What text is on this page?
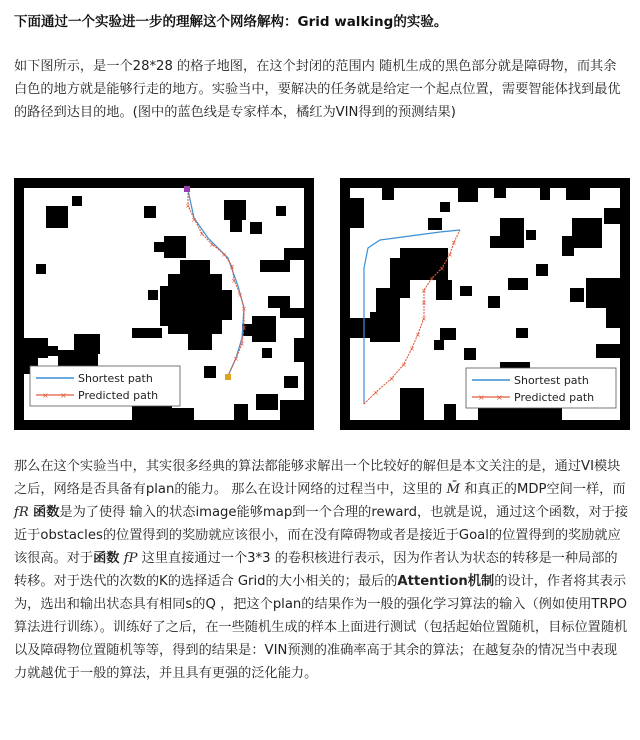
下面通过一个实验进一步的理解这个网络解构：Grid walking的实验。

如下图所示，是一个28*28 的格子地图，在这个封闭的范围内 随机生成的黑色部分就是障碍物，而其余白色的地方就是能够行走的地方。实验当中，要解决的任务就是给定一个起点位置，需要智能体找到最优的路径到达目的地。(图中的蓝色线是专家样本，橘红为VIN得到的预测结果)

×
×
×
×
×
×
×
×
×
×
×
×
× ×
Shortest path
Predicted path	×
×
×
×
×
×
×
×
×
×
×
×
× ×
Shortest path
Predicted path

那么在这个实验当中，其实很多经典的算法都能够求解出一个比较好的解但是本文关注的是，通过VI模块之后，网络是否具备有plan的能力。 那么在设计网络的过程当中，这里的 M̄ 和真正的MDP空间一样，而 fR 函数是为了使得 输入的状态image能够map到一个合理的reward，也就是说，通过这个函数，对于接近于obstacles的位置得到的奖励就应该很小，而在没有障碍物或者是接近于Goal的位置得到的奖励就应该很高。对于函数 fP 这里直接通过一个3*3 的卷积核进行表示，因为作者认为状态的转移是一种局部的转移。对于迭代的次数的K的选择适合 Grid的大小相关的；最后的Attention机制的设计，作者将其表示为，选出和输出状态具有相同s的Q ，把这个plan的结果作为一般的强化学习算法的输入（例如使用TRPO算法进行训练）。训练好了之后，在一些随机生成的样本上面进行测试（包括起始位置随机，目标位置随机以及障碍物位置随机等等，得到的结果是：VIN预测的准确率高于其余的算法；在越复杂的情况当中表现力就越优于一般的算法，并且具有更强的泛化能力。
